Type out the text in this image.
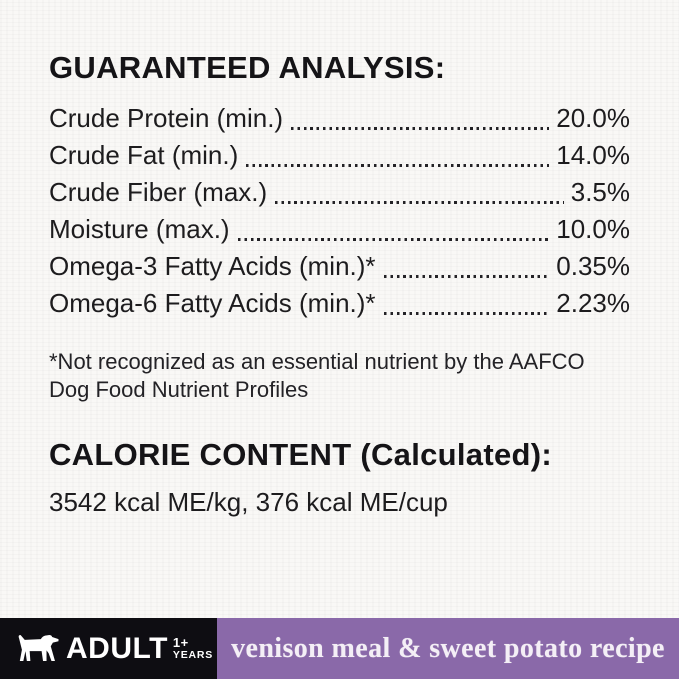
GUARANTEED ANALYSIS:
Crude Protein (min.)	20.0%
Crude Fat (min.)	14.0%
Crude Fiber (max.)	3.5%
Moisture (max.)	10.0%
Omega-3 Fatty Acids (min.)*	0.35%
Omega-6 Fatty Acids (min.)*	2.23%
*Not recognized as an essential nutrient by the AAFCO Dog Food Nutrient Profiles
CALORIE CONTENT (Calculated):
3542 kcal ME/kg, 376 kcal ME/cup
ADULT 1+
YEARS venison meal & sweet potato recipe
